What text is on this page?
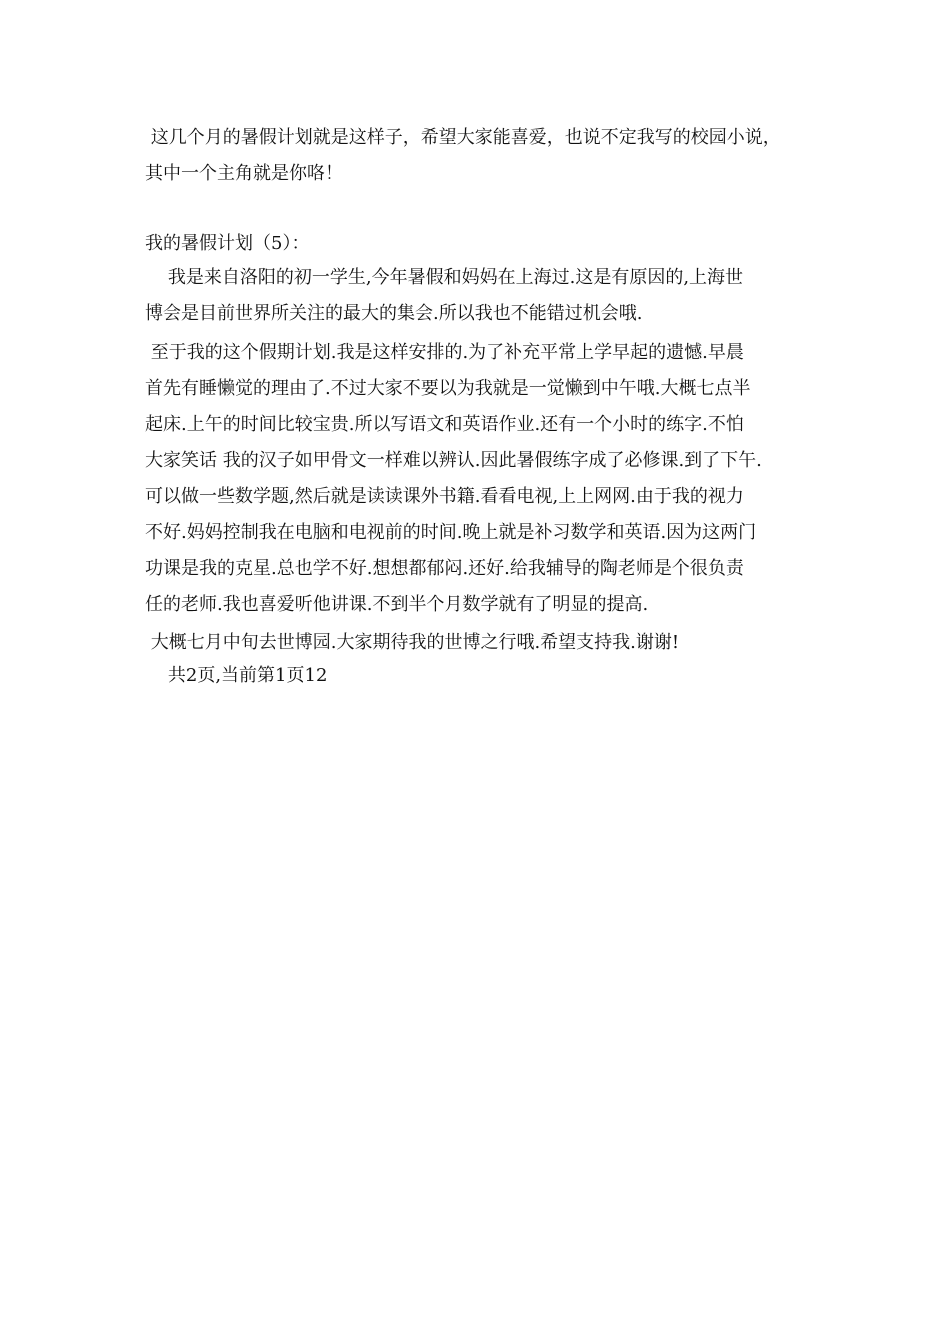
这几个月的暑假计划就是这样子，希望大家能喜爱，也说不定我写的校园小说，
其中一个主角就是你咯！
我的暑假计划（5）：
我是来自洛阳的初一学生,今年暑假和妈妈在上海过.这是有原因的,上海世
博会是目前世界所关注的最大的集会.所以我也不能错过机会哦.
至于我的这个假期计划.我是这样安排的.为了补充平常上学早起的遗憾.早晨
首先有睡懒觉的理由了.不过大家不要以为我就是一觉懒到中午哦.大概七点半
起床.上午的时间比较宝贵.所以写语文和英语作业.还有一个小时的练字.不怕
大家笑话 我的汉子如甲骨文一样难以辨认.因此暑假练字成了必修课.到了下午.
可以做一些数学题,然后就是读读课外书籍.看看电视,上上网网.由于我的视力
不好.妈妈控制我在电脑和电视前的时间.晚上就是补习数学和英语.因为这两门
功课是我的克星.总也学不好.想想都郁闷.还好.给我辅导的陶老师是个很负责
任的老师.我也喜爱听他讲课.不到半个月数学就有了明显的提高.
大概七月中旬去世博园.大家期待我的世博之行哦.希望支持我.谢谢!
共2页,当前第1页12
